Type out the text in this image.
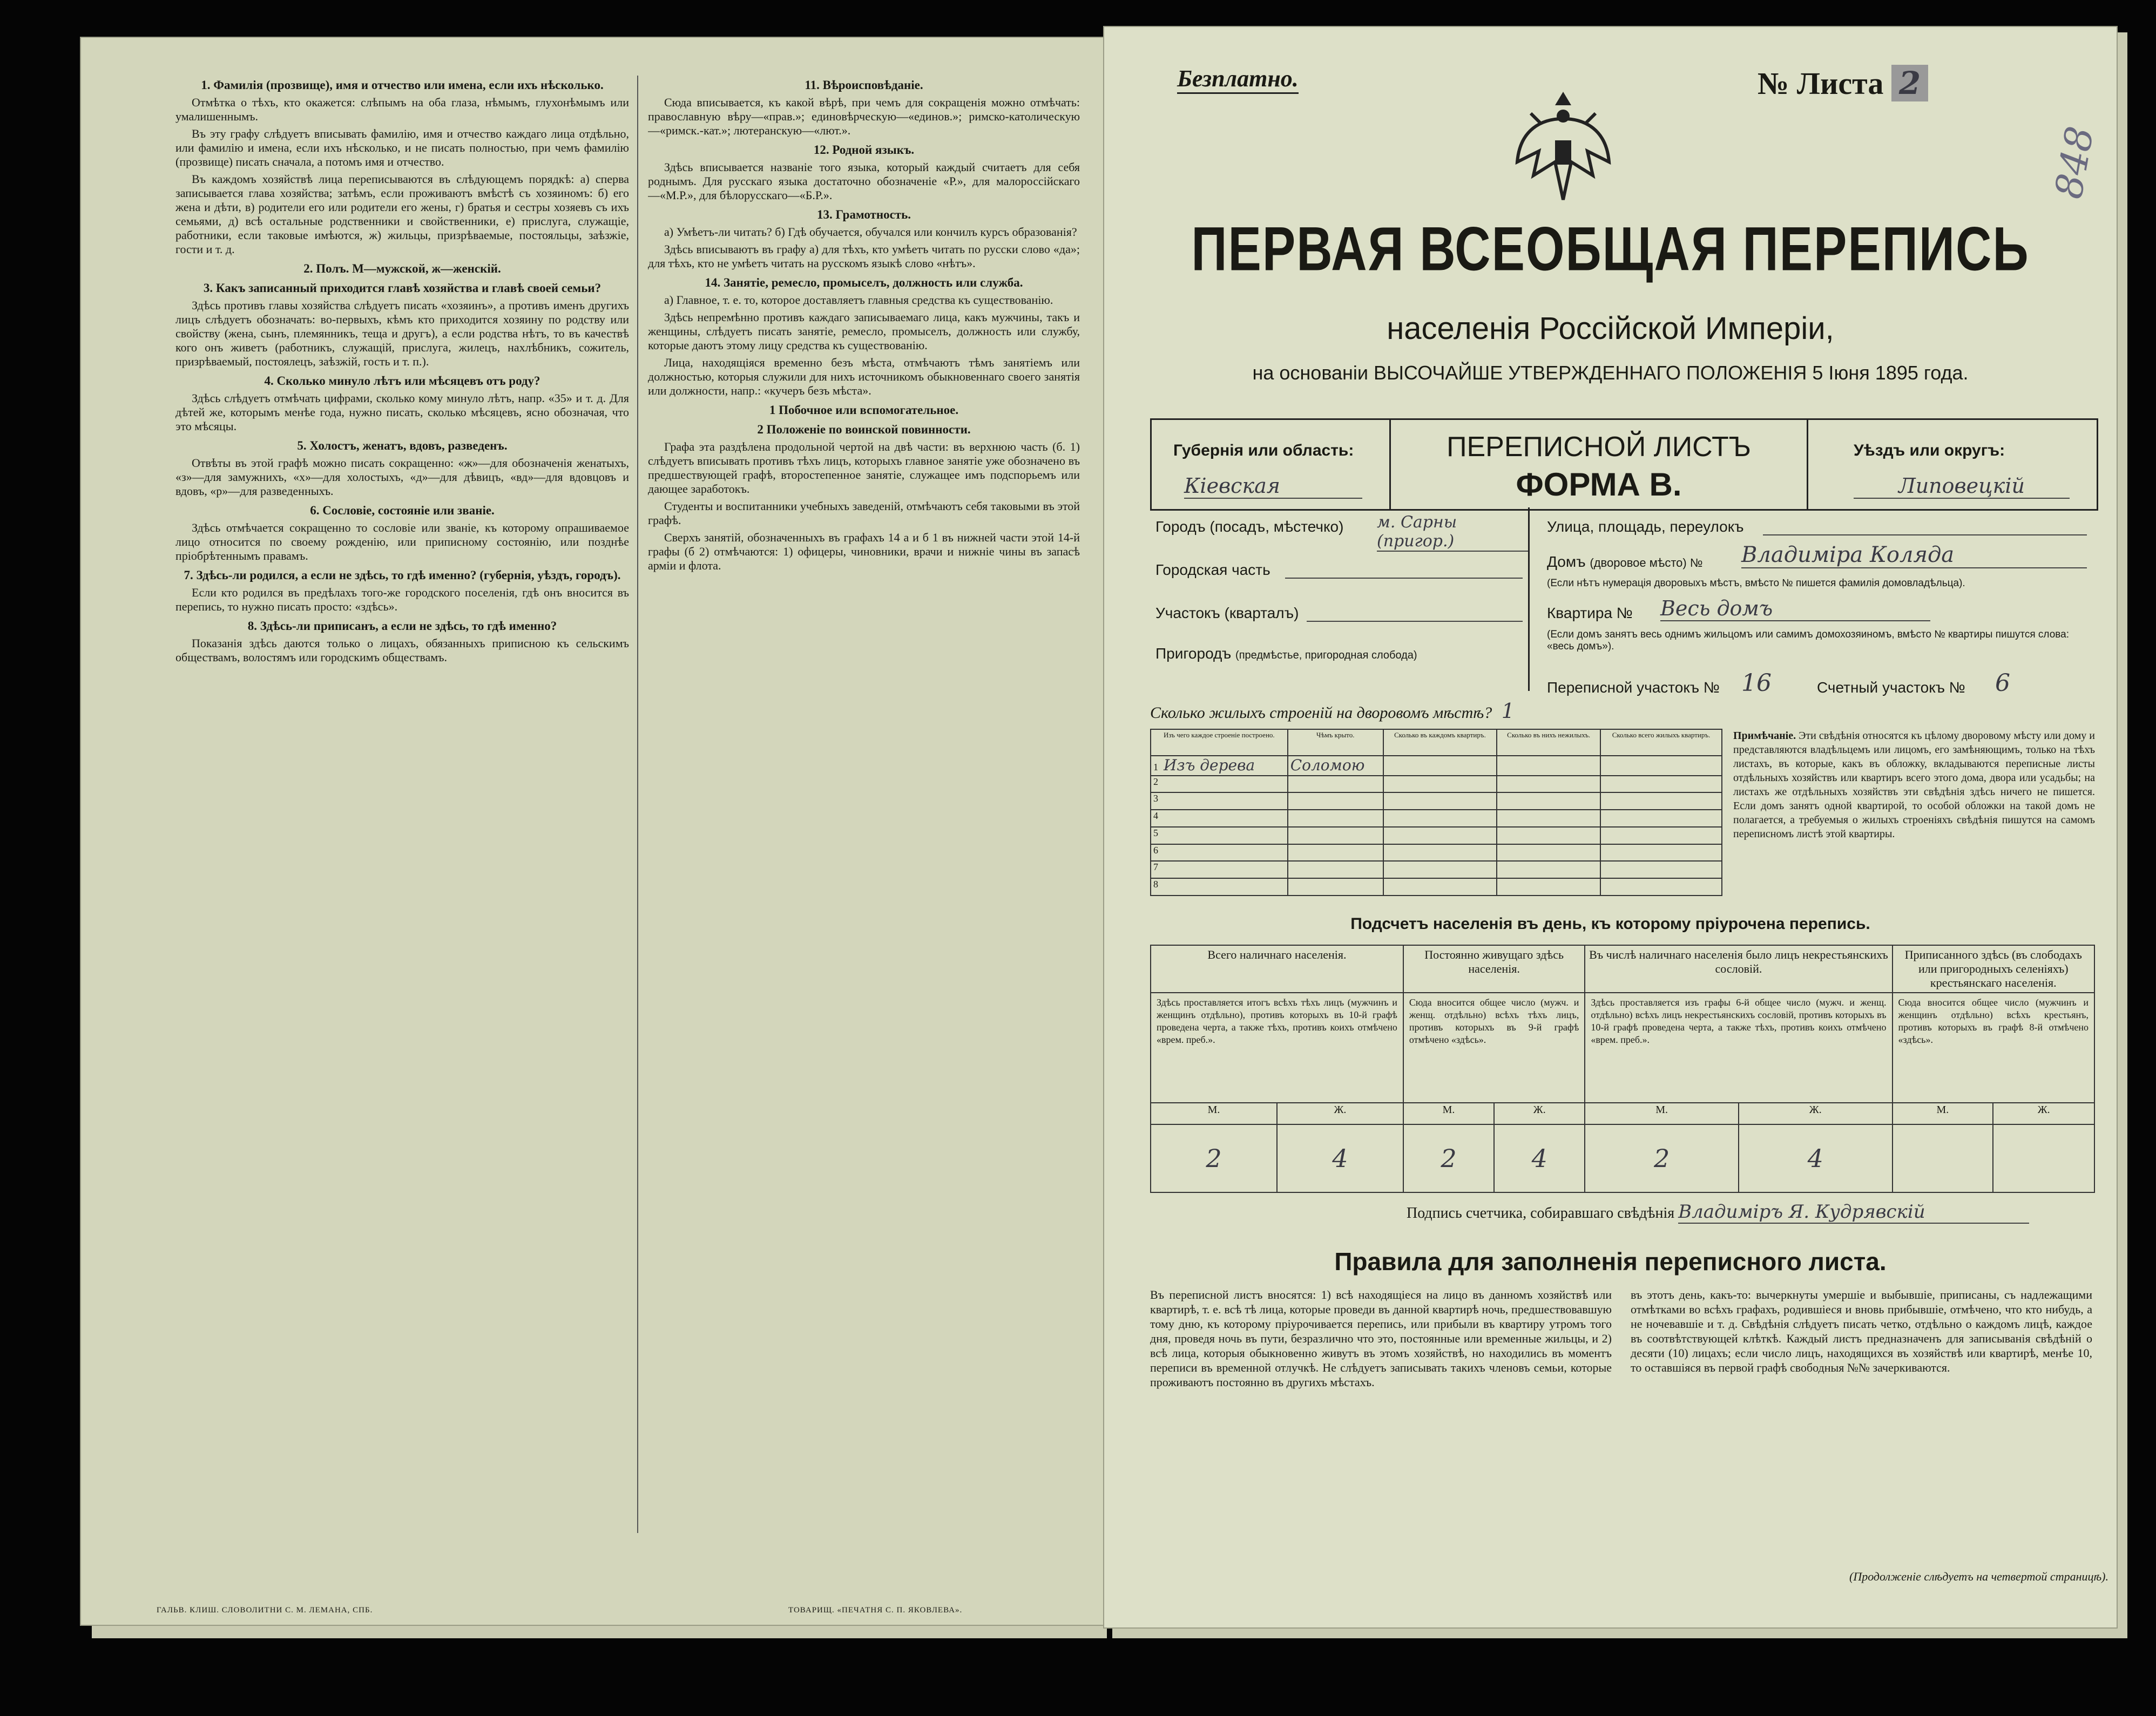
1. Фамилія (прозвище), имя и отчество или имена, если ихъ нѣсколько.

Отмѣтка о тѣхъ, кто окажется: слѣпымъ на оба глаза, нѣмымъ, глухонѣмымъ или умалишеннымъ.

Въ эту графу слѣдуетъ вписывать фамилію, имя и отчество каждаго лица отдѣльно, или фамилію и имена, если ихъ нѣсколько, и не писать полностью, при чемъ фамилію (прозвище) писать сначала, а потомъ имя и отчество.

Въ каждомъ хозяйствѣ лица переписываются въ слѣдующемъ порядкѣ: а) сперва записывается глава хозяйства; затѣмъ, если проживаютъ вмѣстѣ съ хозяиномъ: б) его жена и дѣти, в) родители его или родители его жены, г) братья и сестры хозяевъ съ ихъ семьями, д) всѣ остальные родственники и свойственники, е) прислуга, служащіе, работники, если таковые имѣются, ж) жильцы, призрѣваемые, постояльцы, заѣзжіе, гости и т. д.

2. Полъ. М—мужской, ж—женскій.
3. Какъ записанный приходится главѣ хозяйства и главѣ своей семьи?

Здѣсь противъ главы хозяйства слѣдуетъ писать «хозяинъ», а противъ именъ другихъ лицъ слѣдуетъ обозначать: во-первыхъ, кѣмъ кто приходится хозяину по родству или свойству (жена, сынъ, племянникъ, теща и другъ), а если родства нѣтъ, то въ качествѣ кого онъ живетъ (работникъ, служащій, прислуга, жилецъ, нахлѣбникъ, сожитель, призрѣваемый, постоялецъ, заѣзжій, гость и т. п.).

4. Сколько минуло лѣтъ или мѣсяцевъ отъ роду?

Здѣсь слѣдуетъ отмѣчать цифрами, сколько кому минуло лѣтъ, напр. «35» и т. д. Для дѣтей же, которымъ менѣе года, нужно писать, сколько мѣсяцевъ, ясно обозначая, что это мѣсяцы.

5. Холостъ, женатъ, вдовъ, разведенъ.

Отвѣты въ этой графѣ можно писать сокращенно: «ж»—для обозначенія женатыхъ, «з»—для замужнихъ, «х»—для холостыхъ, «д»—для дѣвицъ, «вд»—для вдовцовъ и вдовъ, «р»—для разведенныхъ.

6. Сословіе, состояніе или званіе.

Здѣсь отмѣчается сокращенно то сословіе или званіе, къ которому опрашиваемое лицо относится по своему рожденію, или приписному состоянію, или позднѣе пріобрѣтеннымъ правамъ.

7. Здѣсь-ли родился, а если не здѣсь, то гдѣ именно? (губернія, уѣздъ, городъ).

Если кто родился въ предѣлахъ того-же городского поселенія, гдѣ онъ вносится въ перепись, то нужно писать просто: «здѣсь».

8. Здѣсь-ли приписанъ, а если не здѣсь, то гдѣ именно?

Показанія здѣсь даются только о лицахъ, обязанныхъ приписною къ сельскимъ обществамъ, волостямъ или городскимъ обществамъ.

11. Вѣроисповѣданіе.

Сюда вписывается, къ какой вѣрѣ, при чемъ для сокращенія можно отмѣчать: православную вѣру—«прав.»; единовѣрческую—«единов.»; римско-католическую—«римск.-кат.»; лютеранскую—«лют.».

12. Родной языкъ.

Здѣсь вписывается названіе того языка, который каждый считаетъ для себя роднымъ. Для русскаго языка достаточно обозначеніе «Р.», для малороссійскаго—«М.Р.», для бѣлорусскаго—«Б.Р.».

13. Грамотность.

а) Умѣетъ-ли читать? б) Гдѣ обучается, обучался или кончилъ курсъ образованія?

Здѣсь вписываютъ въ графу а) для тѣхъ, кто умѣетъ читать по русски слово «да»; для тѣхъ, кто не умѣетъ читать на русскомъ языкѣ слово «нѣтъ».

14. Занятіе, ремесло, промыселъ, должность или служба.

а) Главное, т. е. то, которое доставляетъ главныя средства къ существованію.

Здѣсь непремѣнно противъ каждаго записываемаго лица, какъ мужчины, такъ и женщины, слѣдуетъ писать занятіе, ремесло, промыселъ, должность или службу, которые даютъ этому лицу средства къ существованію.

Лица, находящіяся временно безъ мѣста, отмѣчаютъ тѣмъ занятіемъ или должностью, которыя служили для нихъ источникомъ обыкновеннаго своего занятія или должности, напр.: «кучеръ безъ мѣста».

1 Побочное или вспомогательное.
2 Положеніе по воинской повинности.

Графа эта раздѣлена продольной чертой на двѣ части: въ верхнюю часть (б. 1) слѣдуетъ вписывать противъ тѣхъ лицъ, которыхъ главное занятіе уже обозначено въ предшествующей графѣ, второстепенное занятіе, служащее имъ подспорьемъ или дающее заработокъ.

Студенты и воспитанники учебныхъ заведеній, отмѣчаютъ себя таковыми въ этой графѣ.

Сверхъ занятій, обозначенныхъ въ графахъ 14 а и б 1 въ нижней части этой 14-й графы (б 2) отмѣчаются: 1) офицеры, чиновники, врачи и нижніе чины въ запасѣ арміи и флота.

ГАЛЬВ. КЛИШ. СЛОВОЛИТНИ С. М. ЛЕМАНА, СПБ.	ТОВАРИЩ. «ПЕЧАТНЯ С. П. ЯКОВЛЕВА».
Безплатно.	№ Листа 2
848
ПЕРВАЯ ВСЕОБЩАЯ ПЕРЕПИСЬ
населенія Россійской Имперіи,
на основаніи ВЫСОЧАЙШЕ УТВЕРЖДЕННАГО ПОЛОЖЕНІЯ 5 Іюня 1895 года.
Губернія или область:
Кіевская
ПЕРЕПИСНОЙ ЛИСТЪ
ФОРМА В.
Уѣздъ или округъ:
Липовецкій
Городъ (посадъ, мѣстечко) м. Сарны (пригор.)
Городская часть
Участокъ (кварталъ)
Пригородъ (предмѣстье, пригородная слобода)
Улица, площадь, переулокъ
Домъ (дворовое мѣсто) № Владиміра Коляда
(Если нѣтъ нумерація дворовыхъ мѣстъ, вмѣсто № пишется фамилія домовладѣльца).
Квартира № Весь домъ
(Если домъ занятъ весь однимъ жильцомъ или самимъ домохозяиномъ, вмѣсто № квартиры пишутся слова: «весь домъ»).
Переписной участокъ № 16	Счетный участокъ № 6
Сколько жилыхъ строеній на дворовомъ мѣстѣ? 1
Изъ чего каждое строеніе построено.	Чѣмъ крыто.	Сколько въ каждомъ квартиръ.	Сколько въ нихъ нежилыхъ.	Сколько всего жилыхъ квартиръ.
1 Изъ дерева	Соломою			
2				
3				
4				
5				
6				
7				
8				
Примѣчаніе. Эти свѣдѣнія относятся къ цѣлому дворовому мѣсту или дому и представляются владѣльцемъ или лицомъ, его замѣняющимъ, только на тѣхъ листахъ, въ которые, какъ въ обложку, вкладываются переписные листы отдѣльныхъ хозяйствъ или квартиръ всего этого дома, двора или усадьбы; на листахъ же отдѣльныхъ хозяйствъ эти свѣдѣнія здѣсь ничего не пишется. Если домъ занятъ одной квартирой, то особой обложки на такой домъ не полагается, а требуемыя о жилыхъ строеніяхъ свѣдѣнія пишутся на самомъ переписномъ листѣ этой квартиры.
Подсчетъ населенія въ день, къ которому пріурочена перепись.
Всего наличнаго населенія.		Постоянно живущаго здѣсь населенія.		Въ числѣ наличнаго населенія было лицъ некрестьянскихъ сословій.		Приписанного здѣсь (въ слободахъ или пригородныхъ селеніяхъ) крестьянскаго населенія.	
Здѣсь проставляется итогъ всѣхъ тѣхъ лицъ (мужчинъ и женщинъ отдѣльно), противъ которыхъ въ 10-й графѣ проведена черта, а также тѣхъ, противъ коихъ отмѣчено «врем. преб.».		Сюда вносится общее число (мужч. и женщ. отдѣльно) всѣхъ тѣхъ лицъ, противъ которыхъ въ 9-й графѣ отмѣчено «здѣсь».		Здѣсь проставляется изъ графы 6-й общее число (мужч. и женщ. отдѣльно) всѣхъ лицъ некрестьянскихъ сословій, противъ которыхъ въ 10-й графѣ проведена черта, а также тѣхъ, противъ коихъ отмѣчено «врем. преб.».		Сюда вносится общее число (мужчинъ и женщинъ отдѣльно) всѣхъ крестьянъ, противъ которыхъ въ графѣ 8-й отмѣчено «здѣсь».	
М.	Ж.	М.	Ж.	М.	Ж.	М.	Ж.
2	4	2	4	2	4		
Подпись счетчика, собиравшаго свѣдѣнія Владиміръ Я. Кудрявскій
Правила для заполненія переписного листа.
Въ переписной листъ вносятся: 1) всѣ находящіеся на лицо въ данномъ хозяйствѣ или квартирѣ, т. е. всѣ тѣ лица, которые проведи въ данной квартирѣ ночь, предшествовавшую тому дню, къ которому пріурочивается перепись, или прибыли въ квартиру утромъ того дня, проведя ночь въ пути, безразлично что это, постоянные или временные жильцы, и 2) всѣ лица, которыя обыкновенно живутъ въ этомъ хозяйствѣ, но находились въ моментъ переписи въ временной отлучкѣ. Не слѣдуетъ записывать такихъ членовъ семьи, которые проживаютъ постоянно въ другихъ мѣстахъ.
въ этотъ день, какъ-то: вычеркнуты умершіе и выбывшіе, приписаны, съ надлежащими отмѣтками во всѣхъ графахъ, родившіеся и вновь прибывшіе, отмѣчено, что кто нибудь, а не ночевавшіе и т. д. Свѣдѣнія слѣдуетъ писать четко, отдѣльно о каждомъ лицѣ, каждое въ соотвѣтствующей клѣткѣ. Каждый листъ предназначенъ для записыванія свѣдѣній о десяти (10) лицахъ; если число лицъ, находящихся въ хозяйствѣ или квартирѣ, менѣе 10, то оставшіяся въ первой графѣ свободныя №№ зачеркиваются.
(Продолженіе слѣдуетъ на четвертой страницѣ).
